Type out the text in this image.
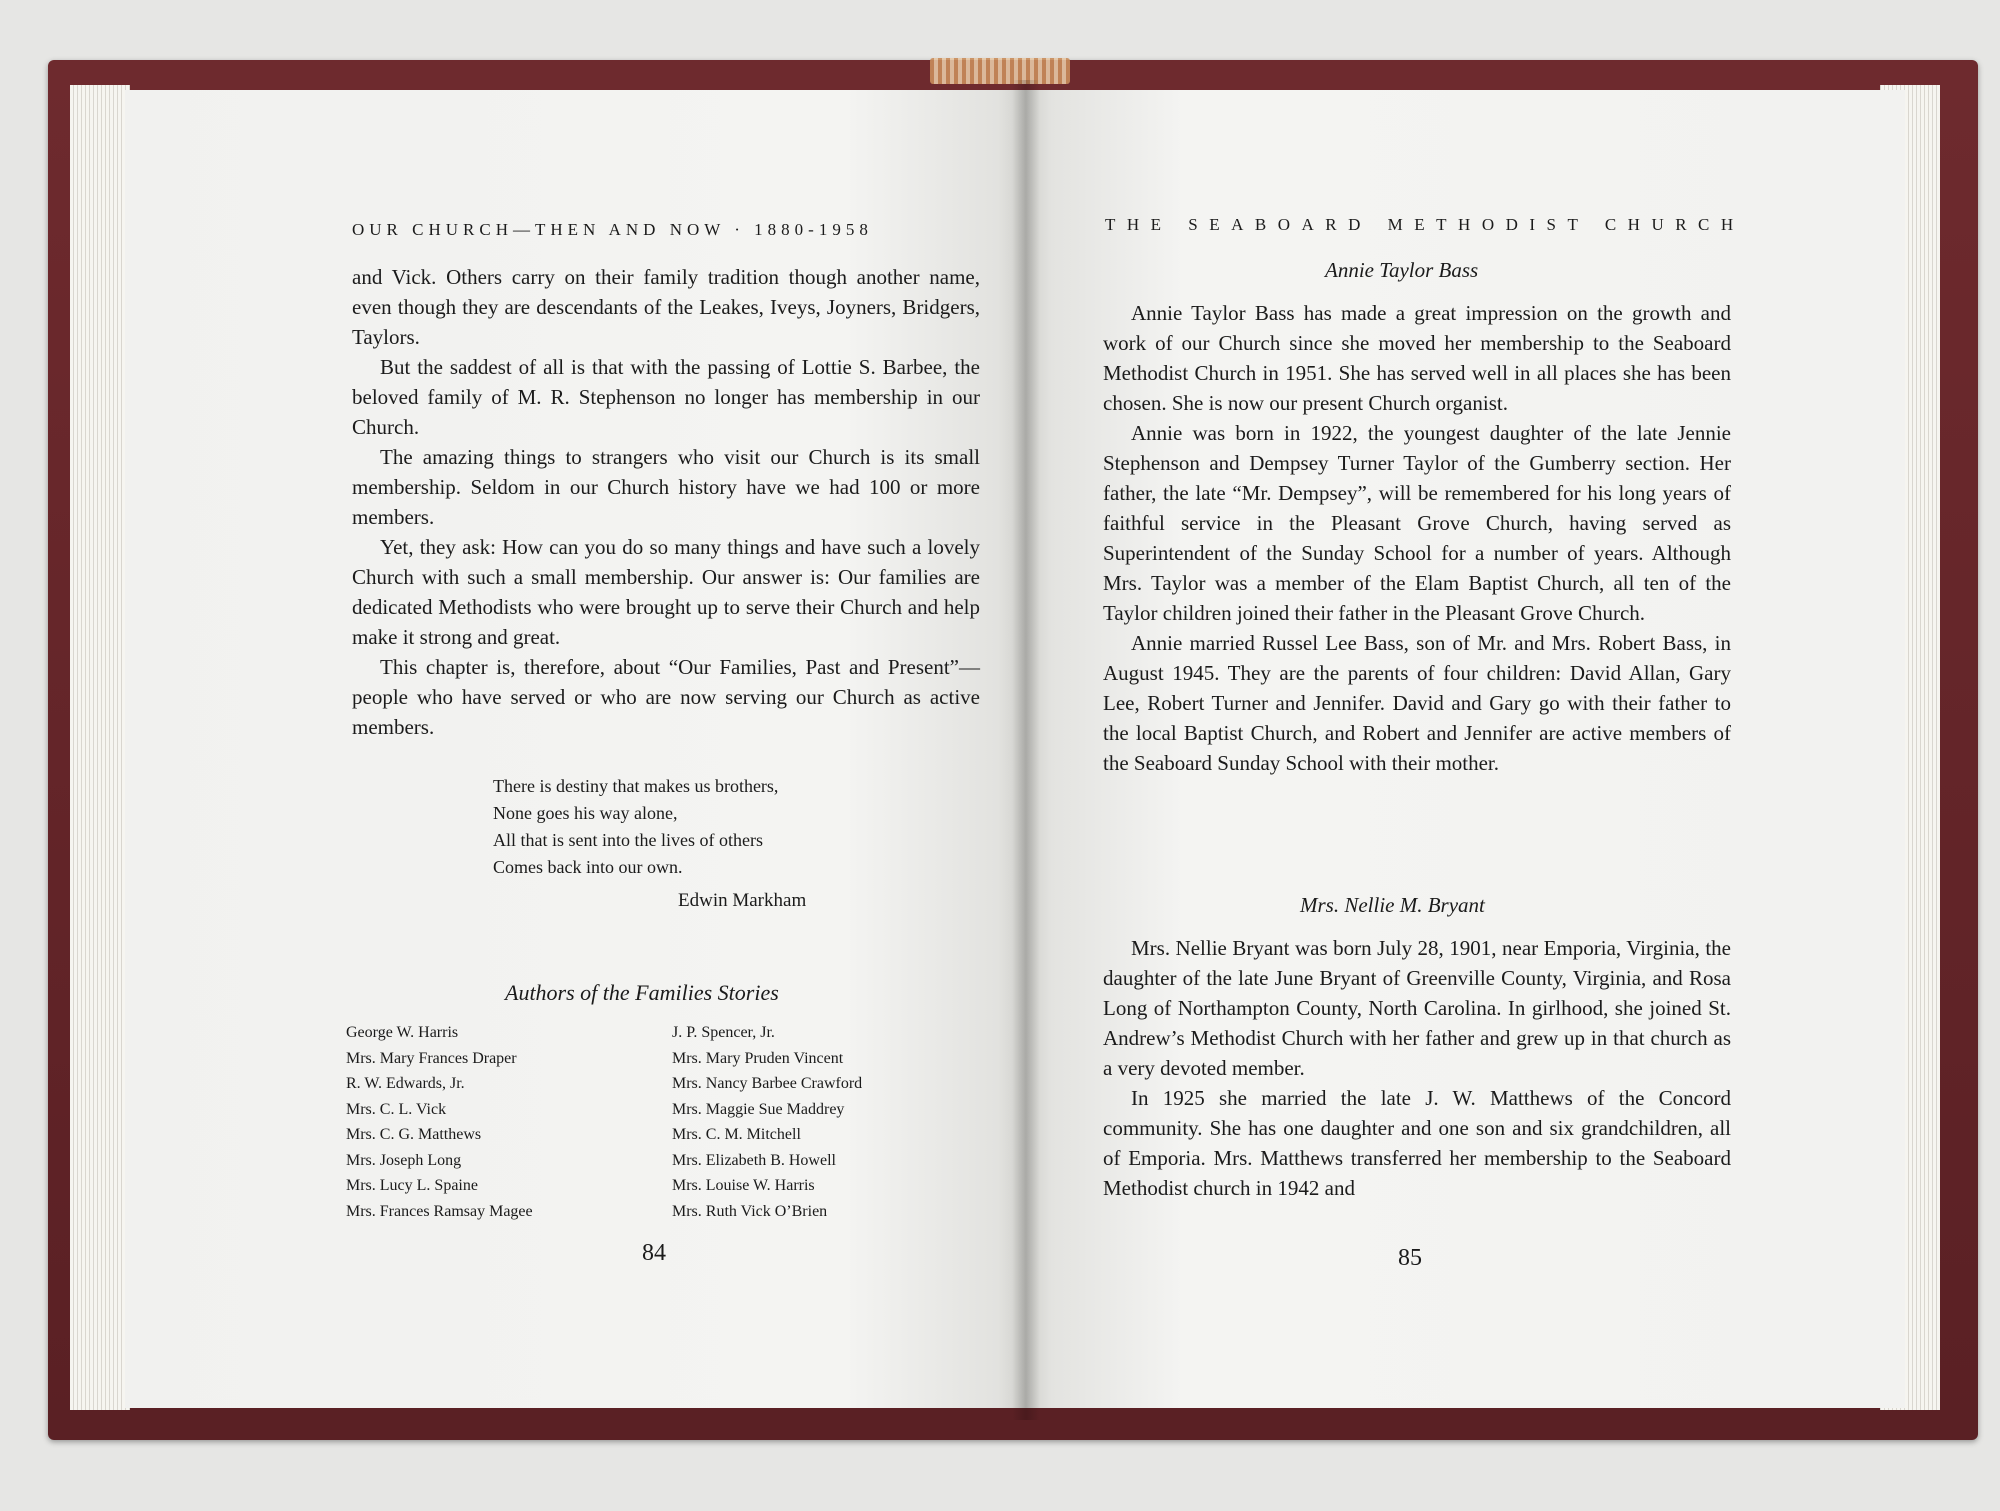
OUR CHURCH—THEN AND NOW · 1880-1958

and Vick. Others carry on their family tradition though another name, even though they are descendants of the Leakes, Iveys, Joyners, Bridgers, Taylors.

But the saddest of all is that with the passing of Lottie S. Barbee, the beloved family of M. R. Stephenson no longer has membership in our Church.

The amazing things to strangers who visit our Church is its small membership. Seldom in our Church history have we had 100 or more members.

Yet, they ask: How can you do so many things and have such a lovely Church with such a small membership. Our answer is: Our families are dedicated Methodists who were brought up to serve their Church and help make it strong and great.

This chapter is, therefore, about “Our Families, Past and Present”—people who have served or who are now serving our Church as active members.

There is destiny that makes us brothers,
None goes his way alone,
All that is sent into the lives of others
Comes back into our own.
Edwin Markham
Authors of the Families Stories
George W. Harris
Mrs. Mary Frances Draper
R. W. Edwards, Jr.
Mrs. C. L. Vick
Mrs. C. G. Matthews
Mrs. Joseph Long
Mrs. Lucy L. Spaine
Mrs. Frances Ramsay Magee
J. P. Spencer, Jr.
Mrs. Mary Pruden Vincent
Mrs. Nancy Barbee Crawford
Mrs. Maggie Sue Maddrey
Mrs. C. M. Mitchell
Mrs. Elizabeth B. Howell
Mrs. Louise W. Harris
Mrs. Ruth Vick O’Brien
84
THE SEABOARD METHODIST CHURCH
Annie Taylor Bass

Annie Taylor Bass has made a great impression on the growth and work of our Church since she moved her membership to the Seaboard Methodist Church in 1951. She has served well in all places she has been chosen. She is now our present Church organist.

Annie was born in 1922, the youngest daughter of the late Jennie Stephenson and Dempsey Turner Taylor of the Gumberry section. Her father, the late “Mr. Dempsey”, will be remembered for his long years of faithful service in the Pleasant Grove Church, having served as Superintendent of the Sunday School for a number of years. Although Mrs. Taylor was a member of the Elam Baptist Church, all ten of the Taylor children joined their father in the Pleasant Grove Church.

Annie married Russel Lee Bass, son of Mr. and Mrs. Robert Bass, in August 1945. They are the parents of four children: David Allan, Gary Lee, Robert Turner and Jennifer. David and Gary go with their father to the local Baptist Church, and Robert and Jennifer are active members of the Seaboard Sunday School with their mother.

Mrs. Nellie M. Bryant

Mrs. Nellie Bryant was born July 28, 1901, near Emporia, Virginia, the daughter of the late June Bryant of Greenville County, Virginia, and Rosa Long of Northampton County, North Carolina. In girlhood, she joined St. Andrew’s Methodist Church with her father and grew up in that church as a very devoted member.

In 1925 she married the late J. W. Matthews of the Concord community. She has one daughter and one son and six grandchildren, all of Emporia. Mrs. Matthews transferred her membership to the Seaboard Methodist church in 1942 and

85
